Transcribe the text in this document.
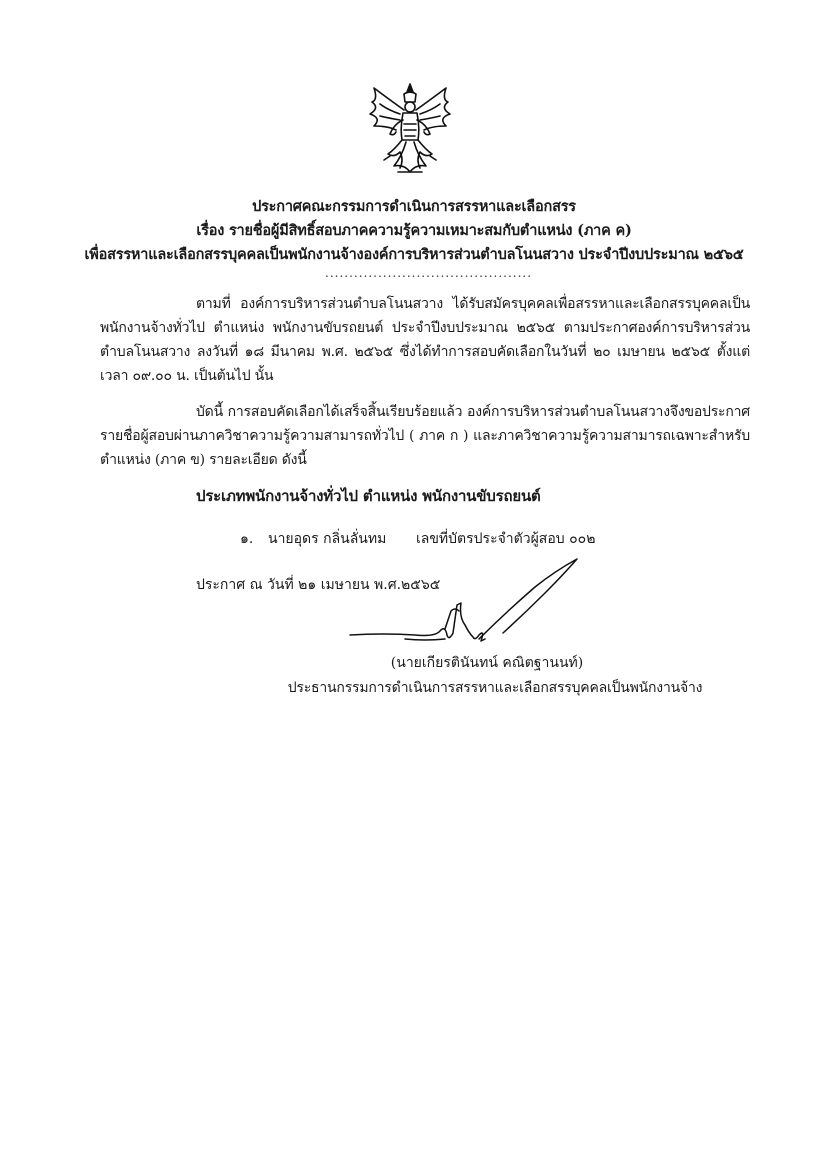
ประกาศคณะกรรมการดำเนินการสรรหาและเลือกสรร
เรื่อง รายชื่อผู้มีสิทธิ์สอบภาคความรู้ความเหมาะสมกับตำแหน่ง (ภาค ค)
เพื่อสรรหาและเลือกสรรบุคคลเป็นพนักงานจ้างองค์การบริหารส่วนตำบลโนนสวาง ประจำปีงบประมาณ ๒๕๖๕
...........................................
ตามที่ องค์การบริหารส่วนตำบลโนนสวาง ได้รับสมัครบุคคลเพื่อสรรหาและเลือกสรรบุคคลเป็นพนักงานจ้างทั่วไป ตำแหน่ง พนักงานขับรถยนต์ ประจำปีงบประมาณ ๒๕๖๕ ตามประกาศองค์การบริหารส่วนตำบลโนนสวาง ลงวันที่ ๑๘ มีนาคม พ.ศ. ๒๕๖๕ ซึ่งได้ทำการสอบคัดเลือกในวันที่ ๒๐ เมษายน ๒๕๖๕ ตั้งแต่เวลา ๐๙.๐๐ น. เป็นต้นไป นั้น
บัดนี้ การสอบคัดเลือกได้เสร็จสิ้นเรียบร้อยแล้ว องค์การบริหารส่วนตำบลโนนสวางจึงขอประกาศรายชื่อผู้สอบผ่านภาควิชาความรู้ความสามารถทั่วไป ( ภาค ก ) และภาควิชาความรู้ความสามารถเฉพาะสำหรับตำแหน่ง (ภาค ข) รายละเอียด ดังนี้
ประเภทพนักงานจ้างทั่วไป ตำแหน่ง พนักงานขับรถยนต์
๑. นายอุดร กลิ่นลั่นทม เลขที่บัตรประจำตัวผู้สอบ ๐๐๒
ประกาศ ณ วันที่ ๒๑ เมษายน พ.ศ.๒๕๖๕
(นายเกียรตินันทน์ คณิตฐานนท์)
ประธานกรรมการดำเนินการสรรหาและเลือกสรรบุคคลเป็นพนักงานจ้าง
